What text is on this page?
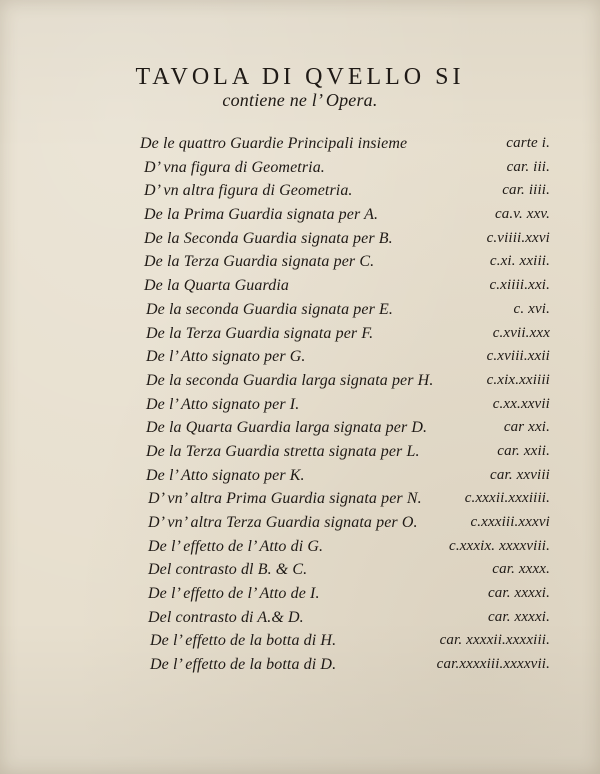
TAVOLA DI QVELLO SI
contiene ne l’ Opera.
De le quattro Guardie Principali insieme	carte i.
D’ vna figura di Geometria.	car. iii.
D’ vn altra figura di Geometria.	car. iiii.
De la Prima Guardia signata per A.	ca.v. xxv.
De la Seconda Guardia signata per B.	c.viiii.xxvi
De la Terza Guardia signata per C.	c.xi. xxiii.
De la Quarta Guardia	c.xiiii.xxi.
De la seconda Guardia signata per E.	c. xvi.
De la Terza Guardia signata per F.	c.xvii.xxx
De l’ Atto signato per G.	c.xviii.xxii
De la seconda Guardia larga signata per H.	c.xix.xxiiii
De l’ Atto signato per I.	c.xx.xxvii
De la Quarta Guardia larga signata per D.	car xxi.
De la Terza Guardia stretta signata per L.	car. xxii.
De l’ Atto signato per K.	car. xxviii
D’ vn’ altra Prima Guardia signata per N.	c.xxxii.xxxiiii.
D’ vn’ altra Terza Guardia signata per O.	c.xxxiii.xxxvi
De l’ effetto de l’ Atto di G.	c.xxxix. xxxxviii.
Del contrasto dl B. & C.	car. xxxx.
De l’ effetto de l’ Atto de I.	car. xxxxi.
Del contrasto di A.& D.	car. xxxxi.
De l’ effetto de la botta di H.	car. xxxxii.xxxxiii.
De l’ effetto de la botta di D.	car.xxxxiii.xxxxvii.
